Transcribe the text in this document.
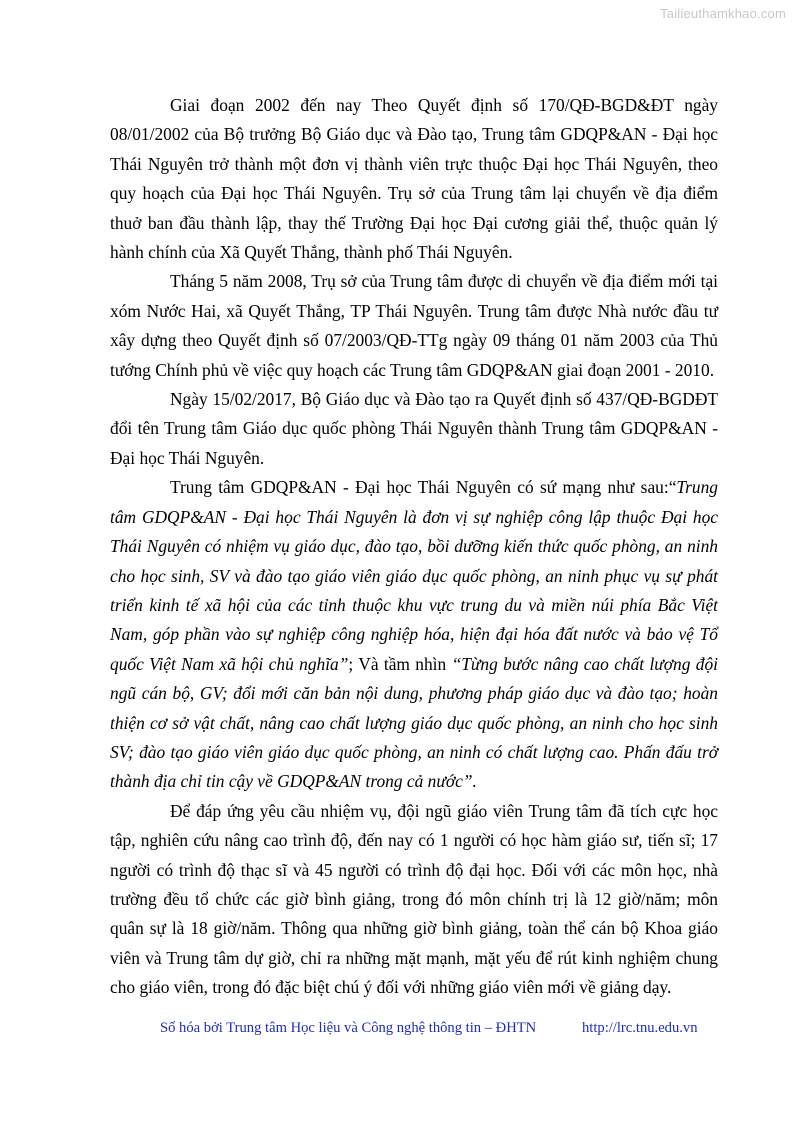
Tailieuthamkhao.com

Giai đoạn 2002 đến nay Theo Quyết định số 170/QĐ-BGD&ĐT ngày 08/01/2002 của Bộ trưởng Bộ Giáo dục và Đào tạo, Trung tâm GDQP&AN - Đại học Thái Nguyên trở thành một đơn vị thành viên trực thuộc Đại học Thái Nguyên, theo quy hoạch của Đại học Thái Nguyên. Trụ sở của Trung tâm lại chuyển về địa điểm thuở ban đầu thành lập, thay thế Trường Đại học Đại cương giải thể, thuộc quản lý hành chính của Xã Quyết Thắng, thành phố Thái Nguyên.

Tháng 5 năm 2008, Trụ sở của Trung tâm được di chuyển về địa điểm mới tại xóm Nước Hai, xã Quyết Thắng, TP Thái Nguyên. Trung tâm được Nhà nước đầu tư xây dựng theo Quyết định số 07/2003/QĐ-TTg ngày 09 tháng 01 năm 2003 của Thủ tướng Chính phủ về việc quy hoạch các Trung tâm GDQP&AN giai đoạn 2001 - 2010.

Ngày 15/02/2017, Bộ Giáo dục và Đào tạo ra Quyết định số 437/QĐ-BGDĐT đổi tên Trung tâm Giáo dục quốc phòng Thái Nguyên thành Trung tâm GDQP&AN - Đại học Thái Nguyên.

Trung tâm GDQP&AN - Đại học Thái Nguyên có sứ mạng như sau:“Trung tâm GDQP&AN - Đại học Thái Nguyên là đơn vị sự nghiệp công lập thuộc Đại học Thái Nguyên có nhiệm vụ giáo dục, đào tạo, bồi dưỡng kiến thức quốc phòng, an ninh cho học sinh, SV và đào tạo giáo viên giáo dục quốc phòng, an ninh phục vụ sự phát triển kinh tế xã hội của các tỉnh thuộc khu vực trung du và miền núi phía Bắc Việt Nam, góp phần vào sự nghiệp công nghiệp hóa, hiện đại hóa đất nước và bảo vệ Tổ quốc Việt Nam xã hội chủ nghĩa”; Và tầm nhìn “Từng bước nâng cao chất lượng đội ngũ cán bộ, GV; đổi mới căn bản nội dung, phương pháp giáo dục và đào tạo; hoàn thiện cơ sở vật chất, nâng cao chất lượng giáo dục quốc phòng, an ninh cho học sinh SV; đào tạo giáo viên giáo dục quốc phòng, an ninh có chất lượng cao. Phấn đấu trở thành địa chỉ tin cậy về GDQP&AN trong cả nước”.

Để đáp ứng yêu cầu nhiệm vụ, đội ngũ giáo viên Trung tâm đã tích cực học tập, nghiên cứu nâng cao trình độ, đến nay có 1 người có học hàm giáo sư, tiến sĩ; 17 người có trình độ thạc sĩ và 45 người có trình độ đại học. Đối với các môn học, nhà trường đều tổ chức các giờ bình giảng, trong đó môn chính trị là 12 giờ/năm; môn quân sự là 18 giờ/năm. Thông qua những giờ bình giảng, toàn thể cán bộ Khoa giáo viên và Trung tâm dự giờ, chỉ ra những mặt mạnh, mặt yếu để rút kinh nghiệm chung cho giáo viên, trong đó đặc biệt chú ý đối với những giáo viên mới về giảng dạy.

Số hóa bởi Trung tâm Học liệu và Công nghệ thông tin – ĐHTN	http://lrc.tnu.edu.vn
